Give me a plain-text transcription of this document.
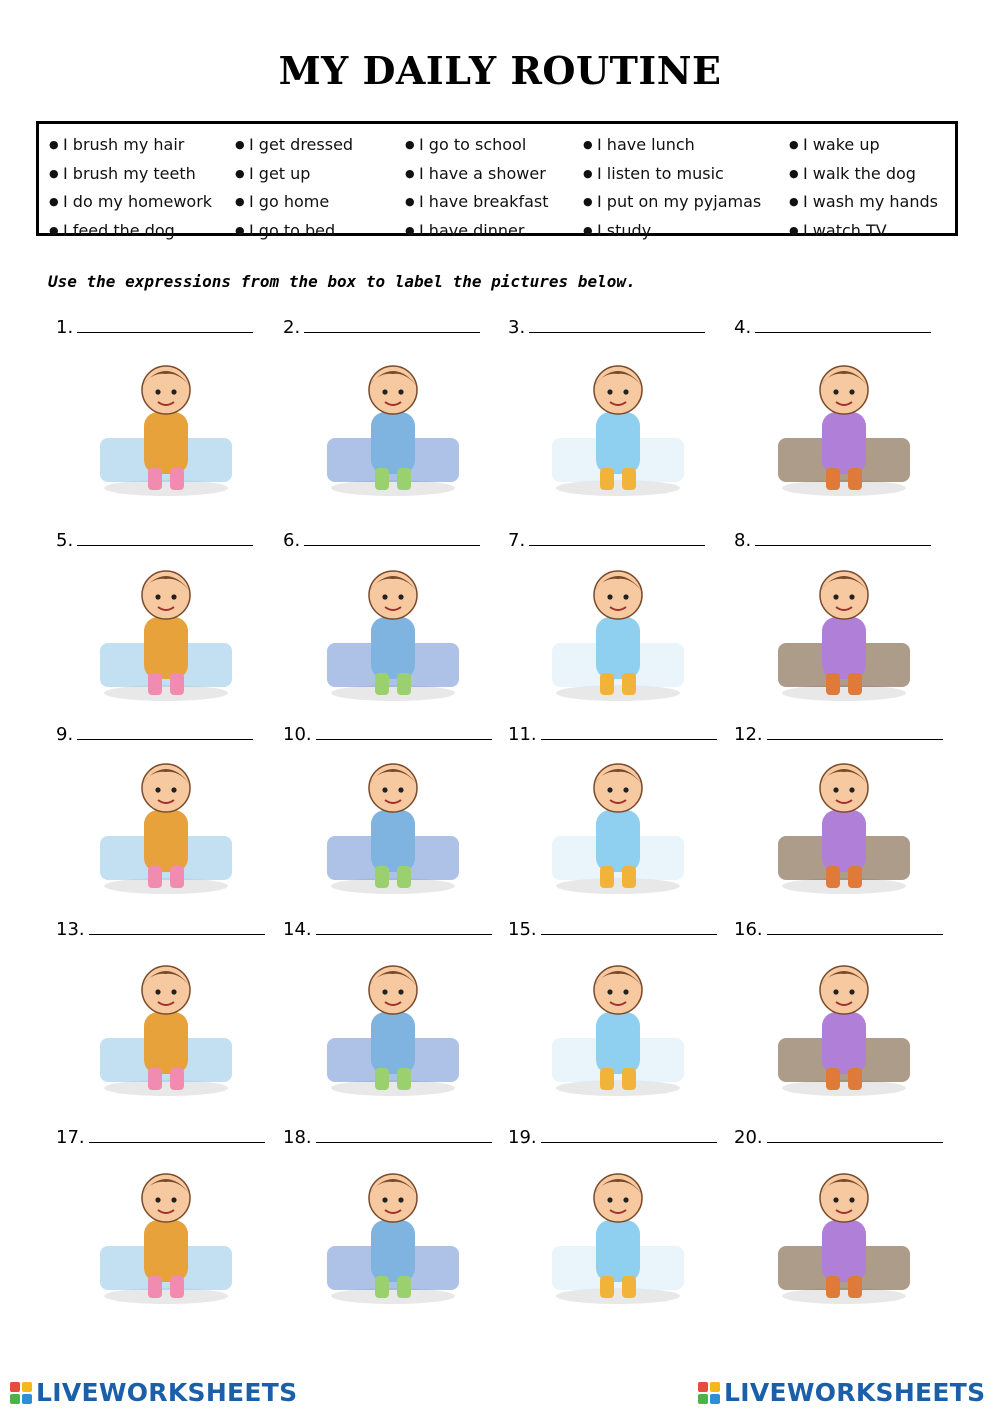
MY DAILY ROUTINE
● I brush my hair
● I brush my teeth
● I do my homework
● I feed the dog
● I get dressed
● I get up
● I go home
● I go to bed
● I go to school
● I have a shower
● I have breakfast
● I have dinner
● I have lunch
● I listen to music
● I put on my pyjamas
● I study
● I wake up
● I walk the dog
● I wash my hands
● I watch TV
Use the expressions from the box to label the pictures below.
1.	2.	3.	4.
5.	6.	7.	8.
9.	10.	11.	12.
13.	14.	15.	16.
17.	18.	19.	20.
LIVEWORKSHEETS	LIVEWORKSHEETS
